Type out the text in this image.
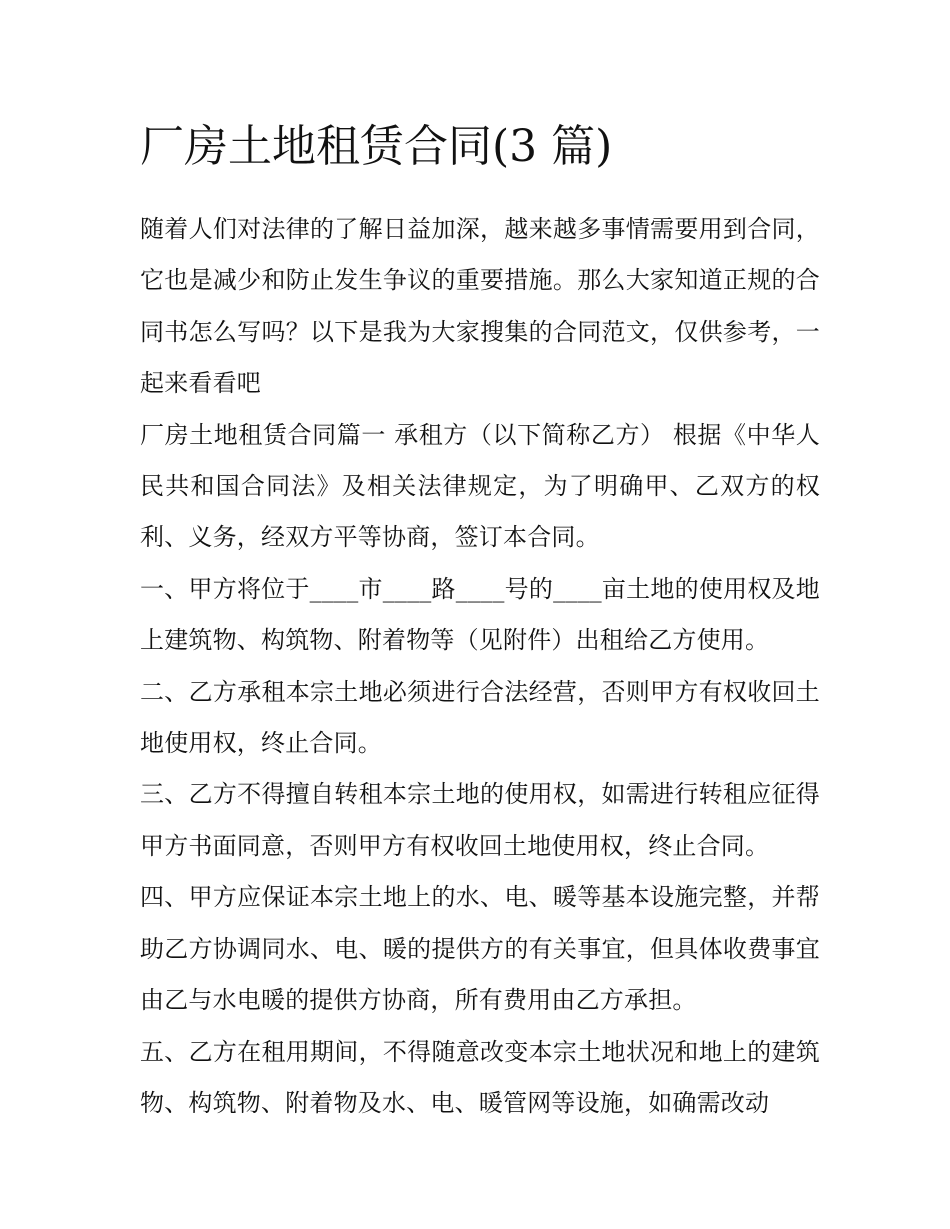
厂房土地租赁合同(3 篇)

随着人们对法律的了解日益加深，越来越多事情需要用到合同，它也是减少和防止发生争议的重要措施。那么大家知道正规的合同书怎么写吗？以下是我为大家搜集的合同范文，仅供参考，一起来看看吧

厂房土地租赁合同篇一 承租方（以下简称乙方） 根据《中华人民共和国合同法》及相关法律规定，为了明确甲、乙双方的权利、义务，经双方平等协商，签订本合同。

一、甲方将位于____市____路____号的____亩土地的使用权及地上建筑物、构筑物、附着物等（见附件）出租给乙方使用。

二、乙方承租本宗土地必须进行合法经营，否则甲方有权收回土地使用权，终止合同。

三、乙方不得擅自转租本宗土地的使用权，如需进行转租应征得甲方书面同意，否则甲方有权收回土地使用权，终止合同。

四、甲方应保证本宗土地上的水、电、暖等基本设施完整，并帮助乙方协调同水、电、暖的提供方的有关事宜，但具体收费事宜由乙与水电暖的提供方协商，所有费用由乙方承担。

五、乙方在租用期间，不得随意改变本宗土地状况和地上的建筑物、构筑物、附着物及水、电、暖管网等设施，如确需改动
